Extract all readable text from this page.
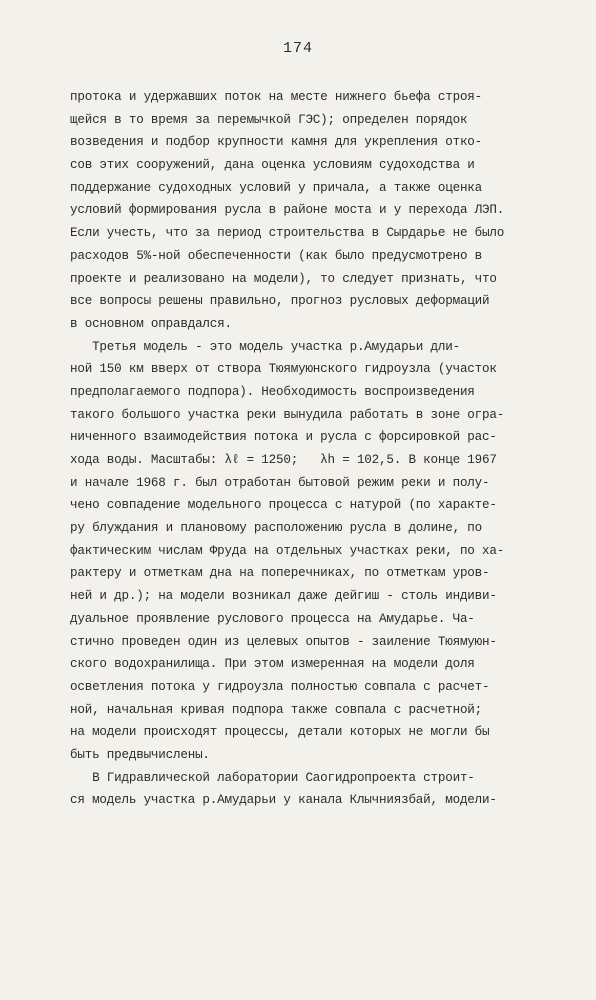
174
протока и удержавших поток на месте нижнего бьефа строя-
щейся в то время за перемычкой ГЭС); определен порядок
возведения и подбор крупности камня для укрепления отко-
сов этих сооружений, дана оценка условиям судоходства и
поддержание судоходных условий у причала, а также оценка
условий формирования русла в районе моста и у перехода ЛЭП.
Если учесть, что за период строительства в Сырдарье не было
расходов 5%-ной обеспеченности (как было предусмотрено в
проекте и реализовано на модели), то следует признать, что
все вопросы решены правильно, прогноз русловых деформаций
в основном оправдался.
Третья модель - это модель участка р.Амударьи дли-
ной 150 км вверх от створа Тюямуюнского гидроузла (участок
предполагаемого подпора). Необходимость воспроизведения
такого большого участка реки вынудила работать в зоне огра-
ниченного взаимодействия потока и русла с форсировкой рас-
хода воды. Масштабы: λℓ = 1250;   λh = 102,5. В конце 1967
и начале 1968 г. был отработан бытовой режим реки и полу-
чено совпадение модельного процесса с натурой (по характе-
ру блуждания и плановому расположению русла в долине, по
фактическим числам Фруда на отдельных участках реки, по ха-
рактеру и отметкам дна на поперечниках, по отметкам уров-
ней и др.); на модели возникал даже дейгиш - столь индиви-
дуальное проявление руслового процесса на Амударье. Ча-
стично проведен один из целевых опытов - заиление Тюямуюн-
ского водохранилища. При этом измеренная на модели доля
осветления потока у гидроузла полностью совпала с расчет-
ной, начальная кривая подпора также совпала с расчетной;
на модели происходят процессы, детали которых не могли бы
быть предвычислены.
В Гидравлической лаборатории Саогидропроекта строит-
ся модель участка р.Амударьи у канала Клычниязбай, модели-
